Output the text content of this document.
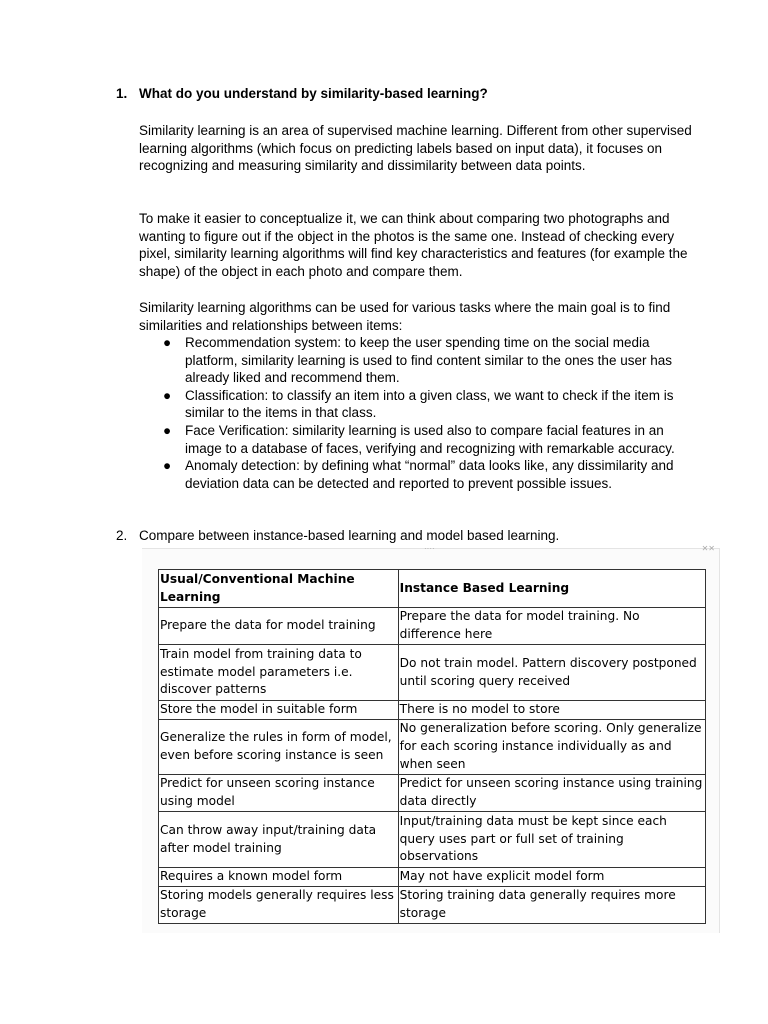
1. What do you understand by similarity-based learning?
Similarity learning is an area of supervised machine learning. Different from other supervised learning algorithms (which focus on predicting labels based on input data), it focuses on recognizing and measuring similarity and dissimilarity between data points.
To make it easier to conceptualize it, we can think about comparing two photographs and wanting to figure out if the object in the photos is the same one. Instead of checking every pixel, similarity learning algorithms will find key characteristics and features (for example the shape) of the object in each photo and compare them.
Similarity learning algorithms can be used for various tasks where the main goal is to find similarities and relationships between items:
● Recommendation system: to keep the user spending time on the social media platform, similarity learning is used to find content similar to the ones the user has already liked and recommend them.
● Classification: to classify an item into a given class, we want to check if the item is similar to the items in that class.
● Face Verification: similarity learning is used also to compare facial features in an image to a database of faces, verifying and recognizing with remarkable accuracy.
● Anomaly detection: by defining what “normal” data looks like, any dissimilarity and deviation data can be detected and reported to prevent possible issues.
2. Compare between instance-based learning and model based learning.
····	✕✕
Usual/Conventional Machine Learning	Instance Based Learning
Prepare the data for model training	Prepare the data for model training. No difference here
Train model from training data to estimate model parameters i.e. discover patterns	Do not train model. Pattern discovery postponed until scoring query received
Store the model in suitable form	There is no model to store
Generalize the rules in form of model, even before scoring instance is seen	No generalization before scoring. Only generalize for each scoring instance individually as and when seen
Predict for unseen scoring instance using model	Predict for unseen scoring instance using training data directly
Can throw away input/training data after model training	Input/training data must be kept since each query uses part or full set of training observations
Requires a known model form	May not have explicit model form
Storing models generally requires less storage	Storing training data generally requires more storage
